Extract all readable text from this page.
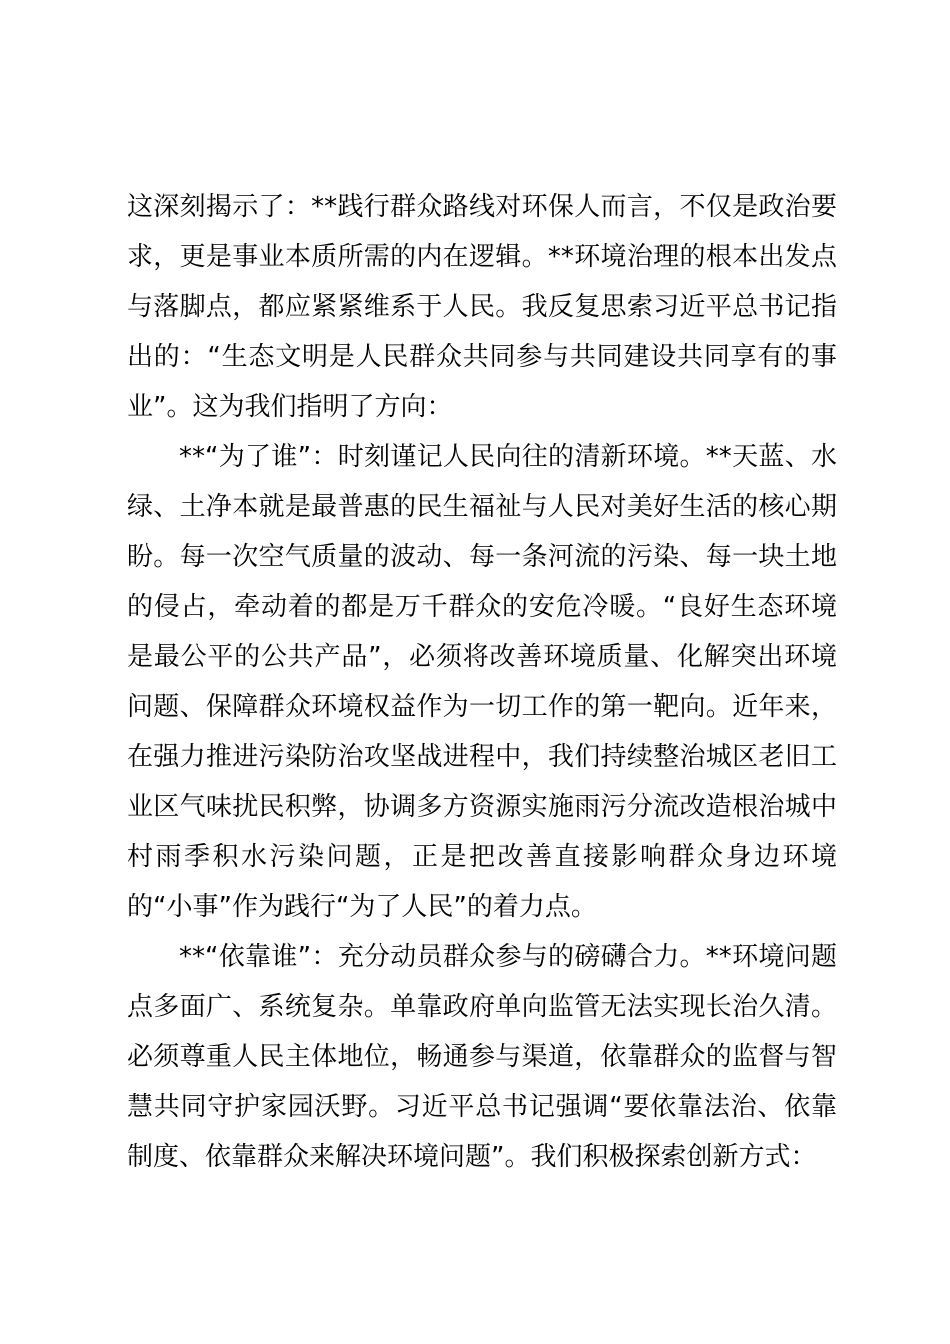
这深刻揭示了：**践行群众路线对环保人而言，不仅是政治要求，更是事业本质所需的内在逻辑。**环境治理的根本出发点与落脚点，都应紧紧维系于人民。我反复思索习近平总书记指出的：“生态文明是人民群众共同参与共同建设共同享有的事业”。这为我们指明了方向：

**“为了谁”：时刻谨记人民向往的清新环境。**天蓝、水绿、土净本就是最普惠的民生福祉与人民对美好生活的核心期盼。每一次空气质量的波动、每一条河流的污染、每一块土地的侵占，牵动着的都是万千群众的安危冷暖。“良好生态环境是最公平的公共产品”，必须将改善环境质量、化解突出环境问题、保障群众环境权益作为一切工作的第一靶向。近年来，在强力推进污染防治攻坚战进程中，我们持续整治城区老旧工业区气味扰民积弊，协调多方资源实施雨污分流改造根治城中村雨季积水污染问题，正是把改善直接影响群众身边环境的“小事”作为践行“为了人民”的着力点。

**“依靠谁”：充分动员群众参与的磅礴合力。**环境问题点多面广、系统复杂。单靠政府单向监管无法实现长治久清。必须尊重人民主体地位，畅通参与渠道，依靠群众的监督与智慧共同守护家园沃野。习近平总书记强调“要依靠法治、依靠制度、依靠群众来解决环境问题”。我们积极探索创新方式：
